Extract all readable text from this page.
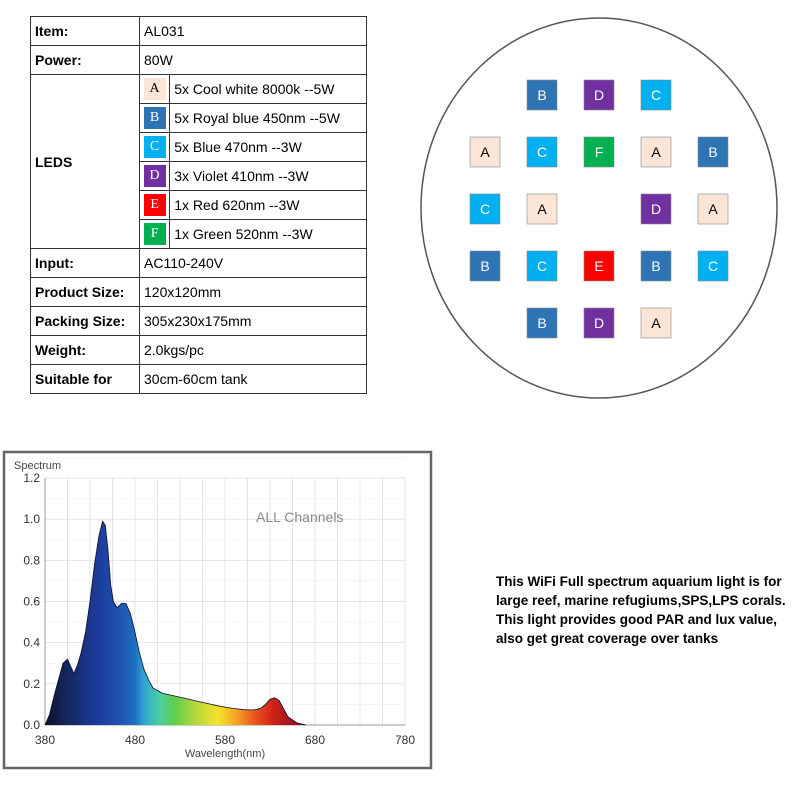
Item:	AL031	
Power:	80W	
LEDS	A	5x Cool white 8000k --5W
	B	5x Royal blue 450nm --5W
	C	5x Blue 470nm --3W
	D	3x Violet 410nm --3W
	E	1x Red 620nm --3W
	F	1x Green 520nm --3W
Input:	AC110-240V	
Product Size:	120x120mm	
Packing Size:	305x230x175mm	
Weight:	2.0kgs/pc	
Suitable for	30cm-60cm tank	
B	D	C
A	C	F	A	B
C	A	D	A
B	C	E	B	C
B	D	A
Spectrum
ALL Channels
Wavelength(nm)
0.0
0.2
0.4
0.6
0.8
1.0
1.2
380	480	580	680	780

This WiFi Full spectrum aquarium light is for large reef, marine refugiums,SPS,LPS corals.

This light provides good PAR and lux value, also get great coverage over tanks
